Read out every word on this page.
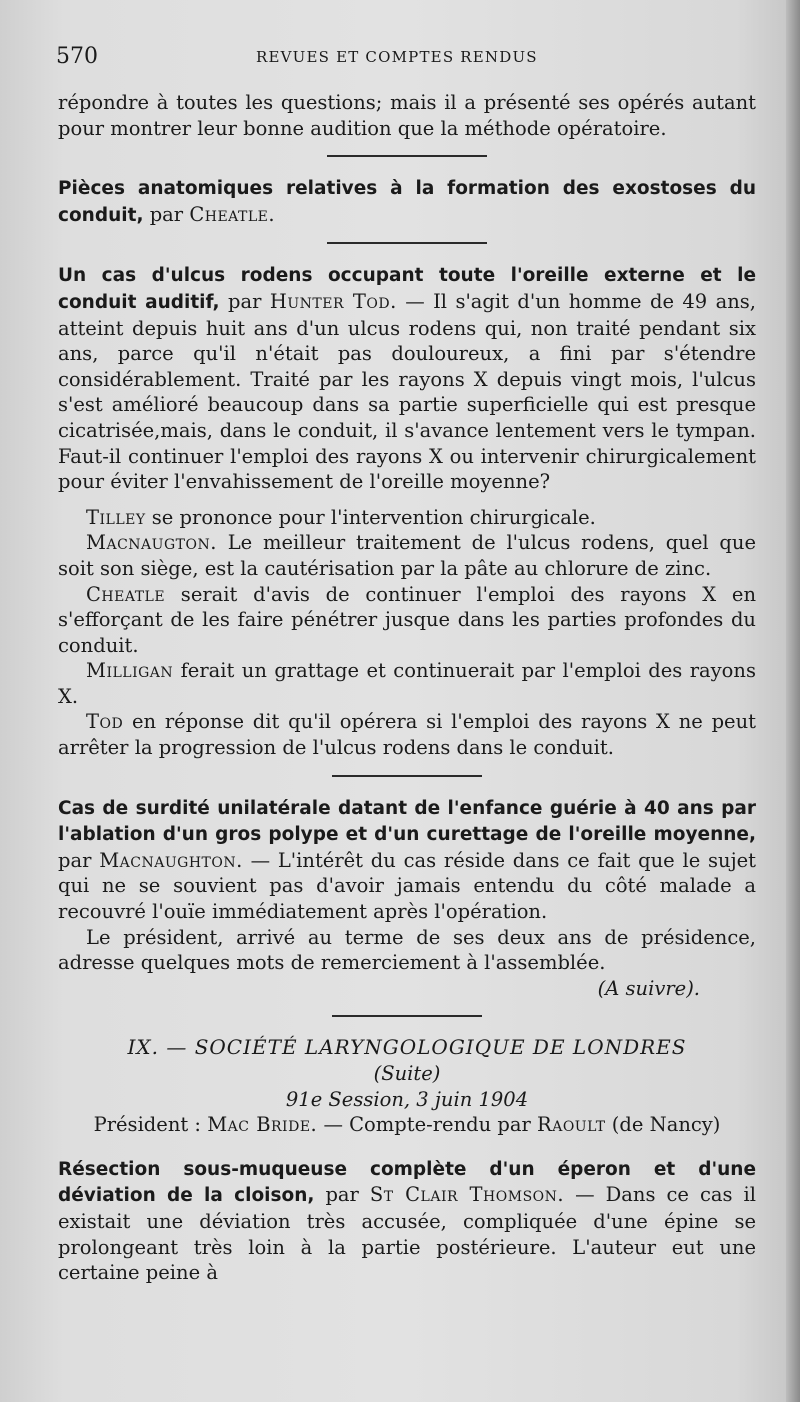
570	REVUES ET COMPTES RENDUS

répondre à toutes les questions; mais il a présenté ses opérés autant pour montrer leur bonne audition que la méthode opératoire.

Pièces anatomiques relatives à la formation des exostoses du conduit, par Cheatle.

Un cas d'ulcus rodens occupant toute l'oreille externe et le conduit auditif, par Hunter Tod. — Il s'agit d'un homme de 49 ans, atteint depuis huit ans d'un ulcus rodens qui, non traité pendant six ans, parce qu'il n'était pas douloureux, a fini par s'étendre considérablement. Traité par les rayons X depuis vingt mois, l'ulcus s'est amélioré beaucoup dans sa partie superficielle qui est presque cicatrisée,mais, dans le conduit, il s'avance lentement vers le tympan. Faut-il continuer l'emploi des rayons X ou intervenir chirurgicalement pour éviter l'envahissement de l'oreille moyenne?

Tilley se prononce pour l'intervention chirurgicale.

Macnaugton. Le meilleur traitement de l'ulcus rodens, quel que soit son siège, est la cautérisation par la pâte au chlorure de zinc.

Cheatle serait d'avis de continuer l'emploi des rayons X en s'efforçant de les faire pénétrer jusque dans les parties profondes du conduit.

Milligan ferait un grattage et continuerait par l'emploi des rayons X.

Tod en réponse dit qu'il opérera si l'emploi des rayons X ne peut arrêter la progression de l'ulcus rodens dans le conduit.

Cas de surdité unilatérale datant de l'enfance guérie à 40 ans par l'ablation d'un gros polype et d'un curettage de l'oreille moyenne, par Macnaughton. — L'intérêt du cas réside dans ce fait que le sujet qui ne se souvient pas d'avoir jamais entendu du côté malade a recouvré l'ouïe immédiatement après l'opération.

Le président, arrivé au terme de ses deux ans de présidence, adresse quelques mots de remerciement à l'assemblée.

(A suivre).

IX. — SOCIÉTÉ LARYNGOLOGIQUE DE LONDRES

(Suite)

91e Session, 3 juin 1904

Président : Mac Bride. — Compte-rendu par Raoult (de Nancy)

Résection sous-muqueuse complète d'un éperon et d'une déviation de la cloison, par St Clair Thomson. — Dans ce cas il existait une déviation très accusée, compliquée d'une épine se prolongeant très loin à la partie postérieure. L'auteur eut une certaine peine à
